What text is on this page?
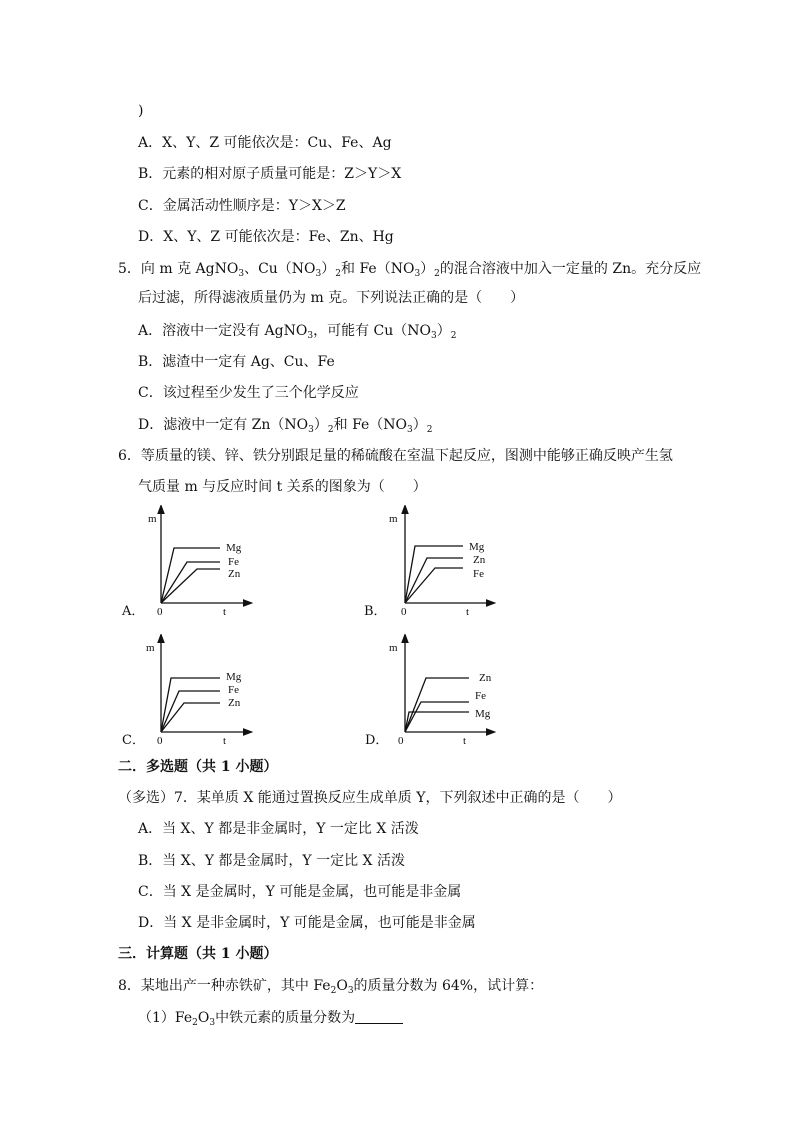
)
A．X、Y、Z 可能依次是：Cu、Fe、Ag
B．元素的相对原子质量可能是：Z＞Y＞X
C．金属活动性顺序是：Y＞X＞Z
D．X、Y、Z 可能依次是：Fe、Zn、Hg
5．向 m 克 AgNO$_3$、$Cu(NO_3)_2$和 $Fe(NO_3)_2$的混合溶液中加入一定量的 Zn。充分反应
后过滤，所得滤液质量仍为 m 克。下列说法正确的是（　　）
A．溶液中一定没有 AgNO$_3$，可能有 $Cu(NO_3)_2$
B．滤渣中一定有 Ag、Cu、Fe
C．该过程至少发生了三个化学反应
D．滤液中一定有 $Zn(NO_3)_2$和 $Fe(NO_3)_2$
6．等质量的镁、锌、铁分别跟足量的稀硫酸在室温下起反应，图测中能够正确反映产生氢
气质量 m 与反应时间 t 关系的图象为（　　）
A．
m
0	t
Mg
Fe
Zn
B．
m
0	t
Mg
Zn
Fe
C．
m
0	t
Mg
Fe
Zn
D．
m
0	t
Zn
Fe
Mg
二．多选题（共 1 小题）
（多选）7．某单质 X 能通过置换反应生成单质 Y，下列叙述中正确的是（　　）
A．当 X、Y 都是非金属时，Y 一定比 X 活泼
B．当 X、Y 都是金属时，Y 一定比 X 活泼
C．当 X 是金属时，Y 可能是金属，也可能是非金属
D．当 X 是非金属时，Y 可能是金属，也可能是非金属
三．计算题（共 1 小题）
8．某地出产一种赤铁矿，其中 $Fe_2O_3$的质量分数为 64%，试计算：
$(1)Fe_2O_3$中铁元素的质量分数为
